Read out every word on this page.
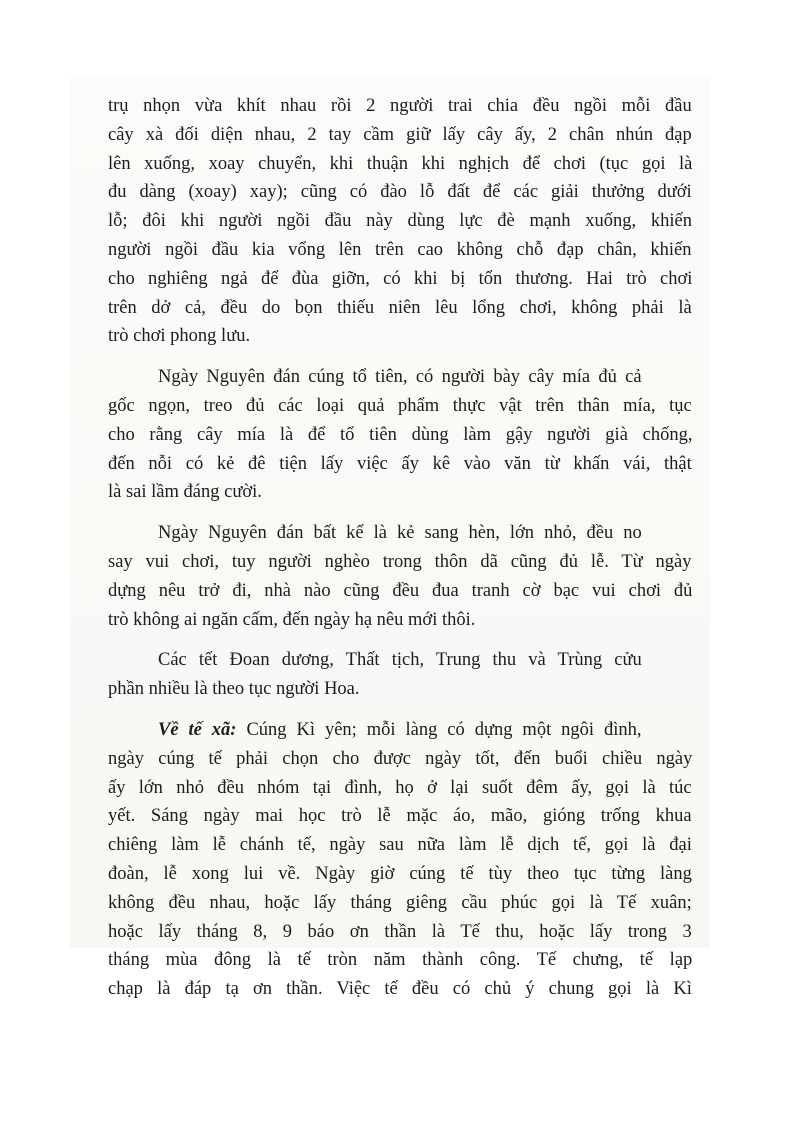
trụ nhọn vừa khít nhau rồi 2 người trai chia đều ngồi mỗi đầu
cây xà đối diện nhau, 2 tay cầm giữ lấy cây ấy, 2 chân nhún đạp
lên xuống, xoay chuyển, khi thuận khi nghịch để chơi (tục gọi là
đu dàng (xoay) xay); cũng có đào lỗ đất để các giải thưởng dưới
lỗ; đôi khi người ngồi đầu này dùng lực đè mạnh xuống, khiến
người ngồi đầu kia vổng lên trên cao không chỗ đạp chân, khiến
cho nghiêng ngả để đùa giỡn, có khi bị tổn thương. Hai trò chơi
trên dở cả, đều do bọn thiếu niên lêu lổng chơi, không phải là
trò chơi phong lưu.
Ngày Nguyên đán cúng tổ tiên, có người bày cây mía đủ cả
gốc ngọn, treo đủ các loại quả phẩm thực vật trên thân mía, tục
cho rằng cây mía là để tổ tiên dùng làm gậy người già chống,
đến nỗi có kẻ đê tiện lấy việc ấy kê vào văn từ khấn vái, thật
là sai lầm đáng cười.
Ngày Nguyên đán bất kể là kẻ sang hèn, lớn nhỏ, đều no
say vui chơi, tuy người nghèo trong thôn dã cũng đủ lễ. Từ ngày
dựng nêu trở đi, nhà nào cũng đều đua tranh cờ bạc vui chơi đủ
trò không ai ngăn cấm, đến ngày hạ nêu mới thôi.
Các tết Đoan dương, Thất tịch, Trung thu và Trùng cửu
phần nhiều là theo tục người Hoa.
Về tế xã: Cúng Kì yên; mỗi làng có dựng một ngôi đình,
ngày cúng tế phải chọn cho được ngày tốt, đến buổi chiều ngày
ấy lớn nhỏ đều nhóm tại đình, họ ở lại suốt đêm ấy, gọi là túc
yết. Sáng ngày mai học trò lễ mặc áo, mão, gióng trống khua
chiêng làm lễ chánh tế, ngày sau nữa làm lễ dịch tế, gọi là đại
đoàn, lễ xong lui về. Ngày giờ cúng tế tùy theo tục từng làng
không đều nhau, hoặc lấy tháng giêng cầu phúc gọi là Tế xuân;
hoặc lấy tháng 8, 9 báo ơn thần là Tế thu, hoặc lấy trong 3
tháng mùa đông là tế tròn năm thành công. Tế chưng, tế lạp
chạp là đáp tạ ơn thần. Việc tế đều có chủ ý chung gọi là Kì
